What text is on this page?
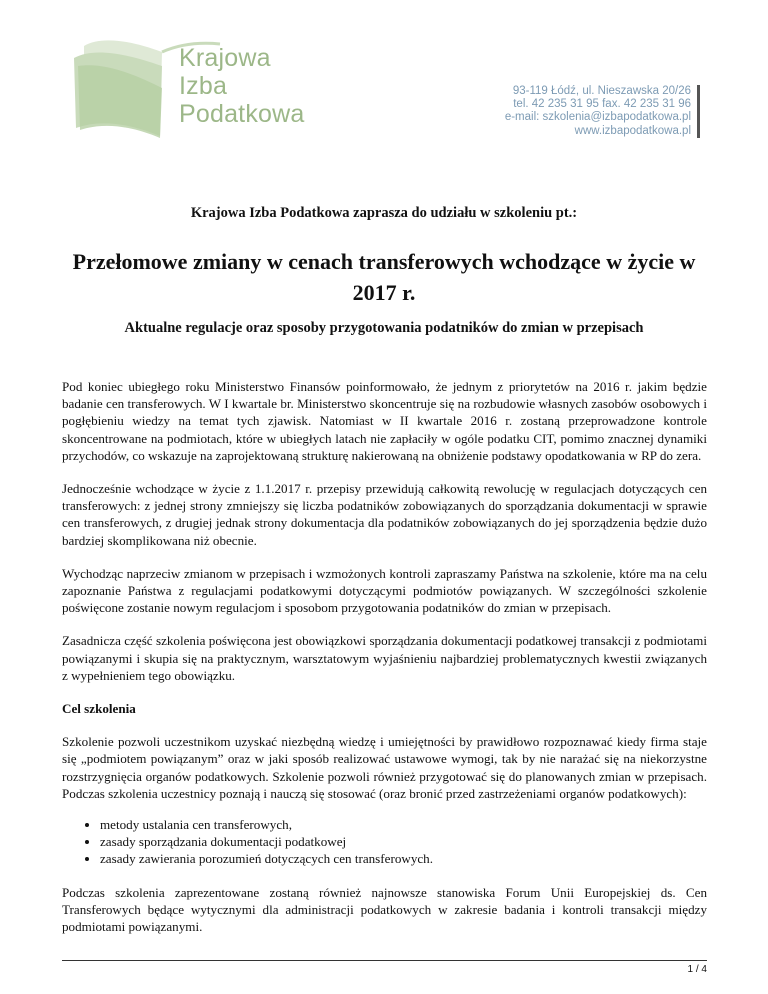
Krajowa
Izba
Podatkowa
93-119 Łódź, ul. Nieszawska 20/26
tel. 42 235 31 95 fax. 42 235 31 96
e-mail: szkolenia@izbapodatkowa.pl
www.izbapodatkowa.pl
Krajowa Izba Podatkowa zaprasza do udziału w szkoleniu pt.:
Przełomowe zmiany w cenach transferowych wchodzące w życie w 2017 r.
Aktualne regulacje oraz sposoby przygotowania podatników do zmian w przepisach

Pod koniec ubiegłego roku Ministerstwo Finansów poinformowało, że jednym z priorytetów na 2016 r. jakim będzie badanie cen transferowych. W I kwartale br. Ministerstwo skoncentruje się na rozbudowie własnych zasobów osobowych i pogłębieniu wiedzy na temat tych zjawisk. Natomiast w II kwartale 2016 r. zostaną przeprowadzone kontrole skoncentrowane na podmiotach, które w ubiegłych latach nie zapłaciły w ogóle podatku CIT, pomimo znacznej dynamiki przychodów, co wskazuje na zaprojektowaną strukturę nakierowaną na obniżenie podstawy opodatkowania w RP do zera.

Jednocześnie wchodzące w życie z 1.1.2017 r. przepisy przewidują całkowitą rewolucję w regulacjach dotyczących cen transferowych: z jednej strony zmniejszy się liczba podatników zobowiązanych do sporządzania dokumentacji w sprawie cen transferowych, z drugiej jednak strony dokumentacja dla podatników zobowiązanych do jej sporządzenia będzie dużo bardziej skomplikowana niż obecnie.

Wychodząc naprzeciw zmianom w przepisach i wzmożonych kontroli zapraszamy Państwa na szkolenie, które ma na celu zapoznanie Państwa z regulacjami podatkowymi dotyczącymi podmiotów powiązanych. W szczególności szkolenie poświęcone zostanie nowym regulacjom i sposobom przygotowania podatników do zmian w przepisach.

Zasadnicza część szkolenia poświęcona jest obowiązkowi sporządzania dokumentacji podatkowej transakcji z podmiotami powiązanymi i skupia się na praktycznym, warsztatowym wyjaśnieniu najbardziej problematycznych kwestii związanych z wypełnieniem tego obowiązku.

Cel szkolenia

Szkolenie pozwoli uczestnikom uzyskać niezbędną wiedzę i umiejętności by prawidłowo rozpoznawać kiedy firma staje się „podmiotem powiązanym” oraz w jaki sposób realizować ustawowe wymogi, tak by nie narażać się na niekorzystne rozstrzygnięcia organów podatkowych. Szkolenie pozwoli również przygotować się do planowanych zmian w przepisach. Podczas szkolenia uczestnicy poznają i nauczą się stosować (oraz bronić przed zastrzeżeniami organów podatkowych):

• metody ustalania cen transferowych,
• zasady sporządzania dokumentacji podatkowej
• zasady zawierania porozumień dotyczących cen transferowych.

Podczas szkolenia zaprezentowane zostaną również najnowsze stanowiska Forum Unii Europejskiej ds. Cen Transferowych będące wytycznymi dla administracji podatkowych w zakresie badania i kontroli transakcji między podmiotami powiązanymi.

1 / 4
